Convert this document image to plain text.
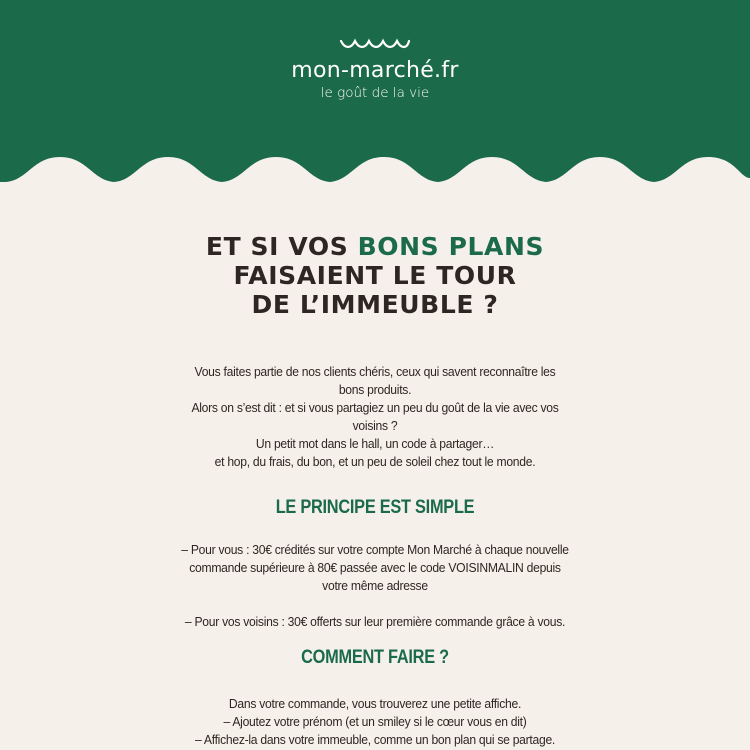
mon-marché.fr
le goût de la vie
ET SI VOS BONS PLANS
FAISAIENT LE TOUR
DE L’IMMEUBLE ?
Vous faites partie de nos clients chéris, ceux qui savent reconnaître les bons produits.
Alors on s’est dit : et si vous partagiez un peu du goût de la vie avec vos voisins ?
Un petit mot dans le hall, un code à partager…
et hop, du frais, du bon, et un peu de soleil chez tout le monde.
LE PRINCIPE EST SIMPLE
– Pour vous : 30€ crédités sur votre compte Mon Marché à chaque nouvelle commande supérieure à 80€ passée avec le code VOISINMALIN depuis votre même adresse
– Pour vos voisins : 30€ offerts sur leur première commande grâce à vous.
COMMENT FAIRE ?
Dans votre commande, vous trouverez une petite affiche.
– Ajoutez votre prénom (et un smiley si le cœur vous en dit)
– Affichez-la dans votre immeuble, comme un bon plan qui se partage.
